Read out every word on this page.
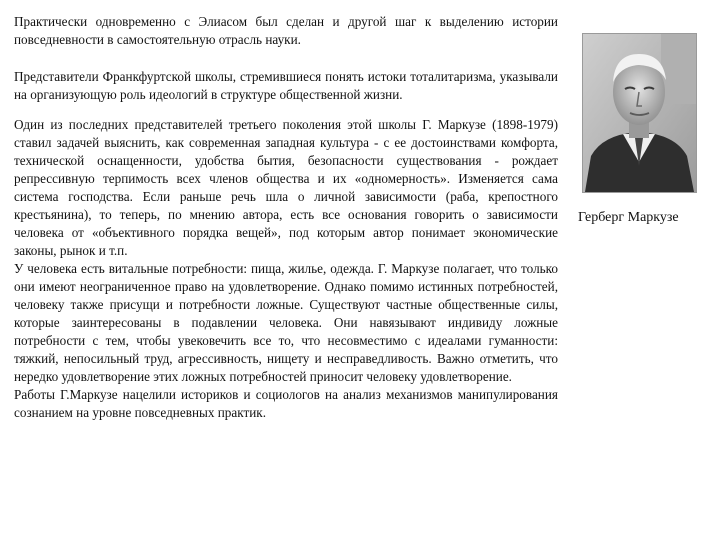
Практически одновременно с Элиасом был сделан и другой шаг к выделению истории повседневности в самостоятельную отрасль науки.

Представители Франкфуртской школы, стремившиеся понять истоки тоталитаризма, указывали на организующую роль идеологий в структуре общественной жизни.

Один из последних представителей третьего поколения этой школы Г. Маркузе (1898-1979) ставил задачей выяснить, как современная западная культура - с ее достоинствами комфорта, технической оснащенности, удобства бытия, безопасности существования - рождает репрессивную терпимость всех членов общества и их «одномерность». Изменяется сама система господства. Если раньше речь шла о личной зависимости (раба, крепостного крестьянина), то теперь, по мнению автора, есть все основания говорить о зависимости человека от «объективного порядка вещей», под которым автор понимает экономические законы, рынок и т.п.

У человека есть витальные потребности: пища, жилье, одежда. Г. Маркузе полагает, что только они имеют неограниченное право на удовлетворение. Однако помимо истинных потребностей, человеку также присущи и потребности ложные. Существуют частные общественные силы, которые заинтересованы в подавлении человека. Они навязывают индивиду ложные потребности с тем, чтобы увековечить все то, что несовместимо с идеалами гуманности: тяжкий, непосильный труд, агрессивность, нищету и несправедливость. Важно отметить, что нередко удовлетворение этих ложных потребностей приносит человеку удовлетворение.

Работы Г.Маркузе нацелили историков и социологов на анализ механизмов манипулирования сознанием на уровне повседневных практик.

Герберг Маркузе
